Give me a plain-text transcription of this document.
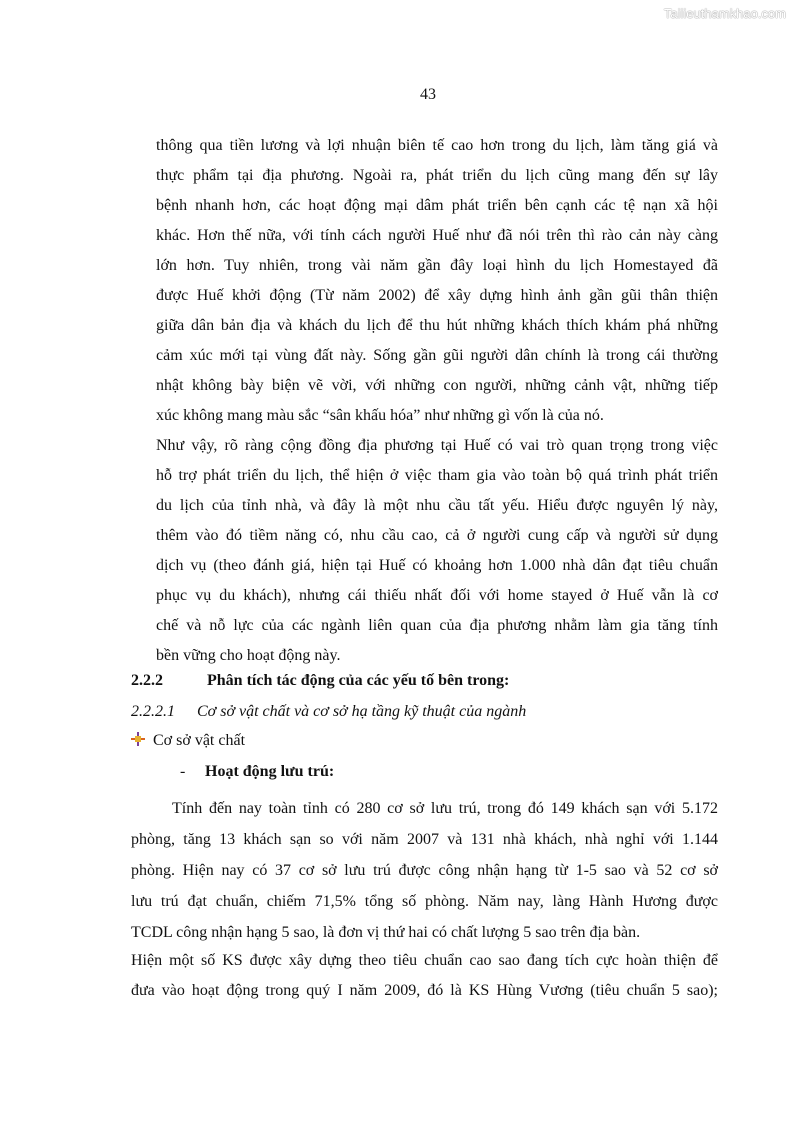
Tailieuthamkhao.com
43
thông qua tiền lương và lợi nhuận biên tế cao hơn trong du lịch, làm tăng giá và
thực phẩm tại địa phương. Ngoài ra, phát triển du lịch cũng mang đến sự lây
bệnh nhanh hơn, các hoạt động mại dâm phát triển bên cạnh các tệ nạn xã hội
khác. Hơn thế nữa, với tính cách người Huế như đã nói trên thì rào cản này càng
lớn hơn. Tuy nhiên, trong vài năm gần đây loại hình du lịch Homestayed đã
được Huế khởi động (Từ năm 2002) để xây dựng hình ảnh gần gũi thân thiện
giữa dân bản địa và khách du lịch để thu hút những khách thích khám phá những
cảm xúc mới tại vùng đất này. Sống gần gũi người dân chính là trong cái thường
nhật không bày biện vẽ vời, với những con người, những cảnh vật, những tiếp
xúc không mang màu sắc “sân khấu hóa” như những gì vốn là của nó.
Như vậy, rõ ràng cộng đồng địa phương tại Huế có vai trò quan trọng trong việc
hỗ trợ phát triển du lịch, thể hiện ở việc tham gia vào toàn bộ quá trình phát triển
du lịch của tỉnh nhà, và đây là một nhu cầu tất yếu. Hiểu được nguyên lý này,
thêm vào đó tiềm năng có, nhu cầu cao, cả ở người cung cấp và người sử dụng
dịch vụ (theo đánh giá, hiện tại Huế có khoảng hơn 1.000 nhà dân đạt tiêu chuẩn
phục vụ du khách), nhưng cái thiếu nhất đối với home stayed ở Huế vẫn là cơ
chế và nỗ lực của các ngành liên quan của địa phương nhằm làm gia tăng tính
bền vững cho hoạt động này.
2.2.2	Phân tích tác động của các yếu tố bên trong:
2.2.2.1 Cơ sở vật chất và cơ sở hạ tầng kỹ thuật của ngành
Cơ sở vật chất
- Hoạt động lưu trú:
Tính đến nay toàn tỉnh có 280 cơ sở lưu trú, trong đó 149 khách sạn với 5.172
phòng, tăng 13 khách sạn so với năm 2007 và 131 nhà khách, nhà nghỉ với 1.144
phòng. Hiện nay có 37 cơ sở lưu trú được công nhận hạng từ 1-5 sao và 52 cơ sở
lưu trú đạt chuẩn, chiếm 71,5% tổng số phòng. Năm nay, làng Hành Hương được
TCDL công nhận hạng 5 sao, là đơn vị thứ hai có chất lượng 5 sao trên địa bàn.
Hiện một số KS được xây dựng theo tiêu chuẩn cao sao đang tích cực hoàn thiện để
đưa vào hoạt động trong quý I năm 2009, đó là KS Hùng Vương (tiêu chuẩn 5 sao);
